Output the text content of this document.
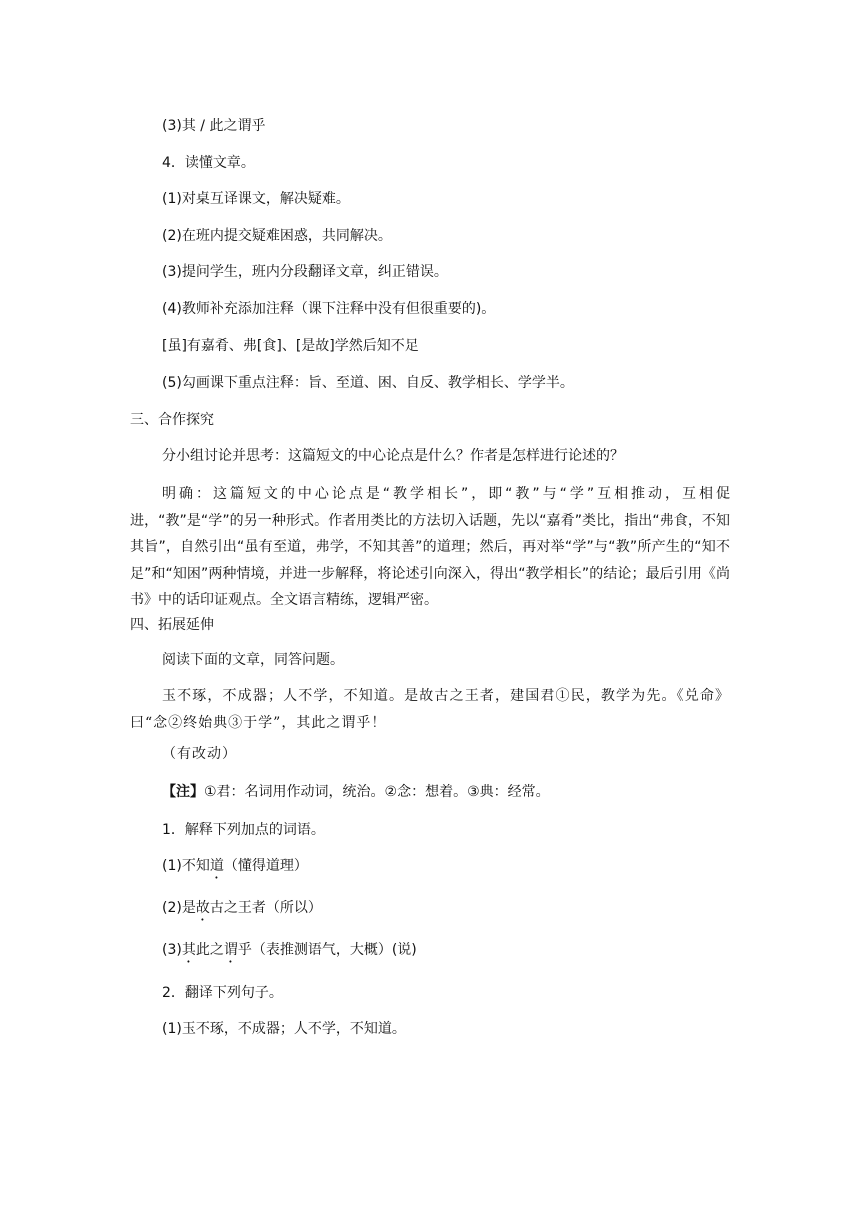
(3)其 / 此之谓乎
4．读懂文章。
(1)对桌互译课文，解决疑难。
(2)在班内提交疑难困惑，共同解决。
(3)提问学生，班内分段翻译文章，纠正错误。
(4)教师补充添加注释（课下注释中没有但很重要的)。
[虽]有嘉肴、弗[食]、[是故]学然后知不足
(5)勾画课下重点注释：旨、至道、困、自反、教学相长、学学半。
三、合作探究
分小组讨论并思考：这篇短文的中心论点是什么？作者是怎样进行论述的？
明确：这篇短文的中心论点是“教学相长”，即“教”与“学”互相推动，互相促进，“教”是“学”的另一种形式。作者用类比的方法切入话题，先以“嘉肴”类比，指出“弗食，不知其旨”，自然引出“虽有至道，弗学，不知其善”的道理；然后，再对举“学”与“教”所产生的“知不足”和“知困”两种情境，并进一步解释，将论述引向深入，得出“教学相长”的结论；最后引用《尚书》中的话印证观点。全文语言精练，逻辑严密。
四、拓展延伸
阅读下面的文章，同答问题。
玉不琢，不成器；人不学，不知道。是故古之王者，建国君①民，教学为先。《兑命》曰“念②终始典③于学”，其此之谓乎！
（有改动）
【注】①君：名词用作动词，统治。②念：想着。③典：经常。
1．解释下列加点的词语。
(1)不知道（懂得道理）
(2)是故古之王者（所以）
(3)其此之谓乎（表推测语气，大概）(说)
2．翻译下列句子。
(1)玉不琢，不成器；人不学，不知道。
